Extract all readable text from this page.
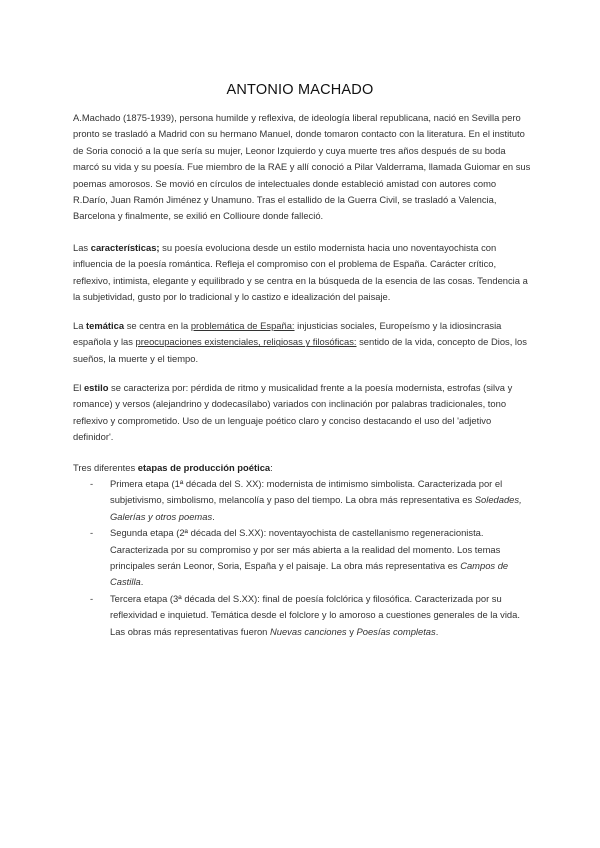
ANTONIO MACHADO

A.Machado (1875-1939), persona humilde y reflexiva, de ideología liberal republicana, nació en Sevilla pero pronto se trasladó a Madrid con su hermano Manuel, donde tomaron contacto con la literatura. En el instituto de Soria conoció a la que sería su mujer, Leonor Izquierdo y cuya muerte tres años después de su boda marcó su vida y su poesía. Fue miembro de la RAE y allí conoció a Pilar Valderrama, llamada Guiomar en sus poemas amorosos. Se movió en círculos de intelectuales donde estableció amistad con autores como R.Darío, Juan Ramón Jiménez y Unamuno. Tras el estallido de la Guerra Civil, se trasladó a Valencia, Barcelona y finalmente, se exilió en Collioure donde falleció.

Las características; su poesía evoluciona desde un estilo modernista hacia uno noventayochista con influencia de la poesía romántica. Refleja el compromiso con el problema de España. Carácter crítico, reflexivo, intimista, elegante y equilibrado y se centra en la búsqueda de la esencia de las cosas. Tendencia a la subjetividad, gusto por lo tradicional y lo castizo e idealización del paisaje.

La temática se centra en la problemática de España: injusticias sociales, Europeísmo y la idiosincrasia española y las preocupaciones existenciales, religiosas y filosóficas: sentido de la vida, concepto de Dios, los sueños, la muerte y el tiempo.

El estilo se caracteriza por: pérdida de ritmo y musicalidad frente a la poesía modernista, estrofas (silva y romance) y versos (alejandrino y dodecasílabo) variados con inclinación por palabras tradicionales, tono reflexivo y comprometido. Uso de un lenguaje poético claro y conciso destacando el uso del 'adjetivo definidor'.

Tres diferentes etapas de producción poética:

- Primera etapa (1ª década del S. XX): modernista de intimismo simbolista. Caracterizada por el subjetivismo, simbolismo, melancolía y paso del tiempo. La obra más representativa es Soledades, Galerías y otros poemas.
- Segunda etapa (2ª década del S.XX): noventayochista de castellanismo regeneracionista. Caracterizada por su compromiso y por ser más abierta a la realidad del momento. Los temas principales serán Leonor, Soria, España y el paisaje. La obra más representativa es Campos de Castilla.
- Tercera etapa (3ª década del S.XX): final de poesía folclórica y filosófica. Caracterizada por su reflexividad e inquietud. Temática desde el folclore y lo amoroso a cuestiones generales de la vida. Las obras más representativas fueron Nuevas canciones y Poesías completas.
